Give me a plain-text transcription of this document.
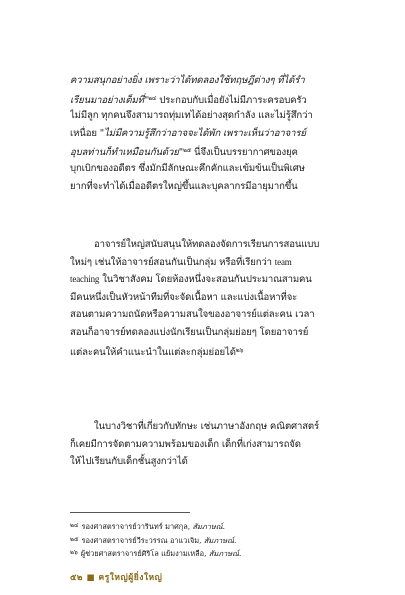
ความสนุกอย่างยิ่ง เพราะว่าได้ทดลองใช้ทฤษฎีต่างๆ ที่ได้รำ
เรียนมาอย่างเต็มที่"$^{๒๔}$ ประกอบกับเมื่อยังไม่มีภาระครอบครัว
ไม่มีลูก ทุกคนจึงสามารถทุ่มเทได้อย่างสุดกำลัง และไม่รู้สึกว่า
เหนื่อย "ไม่มีความรู้สึกว่าอาจจะได้พัก เพราะเห็นว่าอาจารย์
อุบลท่านก็ทำเหมือนกันด้วย"$^{๒๕}$ นี่จึงเป็นบรรยากาศของยุค
บุกเบิกของอดีตร ซึ่งมักมีลักษณะคึกคักและเข้มข้นเป็นพิเศษ
ยากที่จะทำได้เมื่ออดีตรใหญ่ขึ้นและบุคลากรมีอายุมากขึ้น
อาจารย์ใหญ่สนับสนุนให้ทดลองจัดการเรียนการสอนแบบ
ใหม่ๆ เช่นให้อาจารย์สอนกันเป็นกลุ่ม หรือที่เรียกว่า team
teaching ในวิชาสังคม โดยห้องหนึ่งจะสอนกันประมาณสามคน
มีคนหนึ่งเป็นหัวหน้าทีมที่จะจัดเนื้อหา และแบ่งเนื้อหาที่จะ
สอนตามความถนัดหรือความสนใจของอาจารย์แต่ละคน เวลา
สอนก็อาจารย์ทดลองแบ่งนักเรียนเป็นกลุ่มย่อยๆ โดยอาจารย์
แต่ละคนให้คำแนะนำในแต่ละกลุ่มย่อยได้$^{๒๖}$
ในบางวิชาที่เกี่ยวกับทักษะ เช่นภาษาอังกฤษ คณิตศาสตร์
ก็เคยมีการจัดตามความพร้อมของเด็ก เด็กที่เก่งสามารถจัด
ให้ไปเรียนกับเด็กชั้นสูงกว่าได้
$^{๒๔}$ รองศาสตราจารย์วารินทร์ มาศกุล, สัมภาษณ์.
$^{๒๕}$ รองศาสตราจารย์วีระวรรณ อาแวเจิม, สัมภาษณ์.
$^{๒๖}$ ผู้ช่วยศาสตราจารย์ศิริโล แย้มงามเหลือ, สัมภาษณ์.
๕๒ ■ ครูใหญ่ผู้ยิ่งใหญ่
